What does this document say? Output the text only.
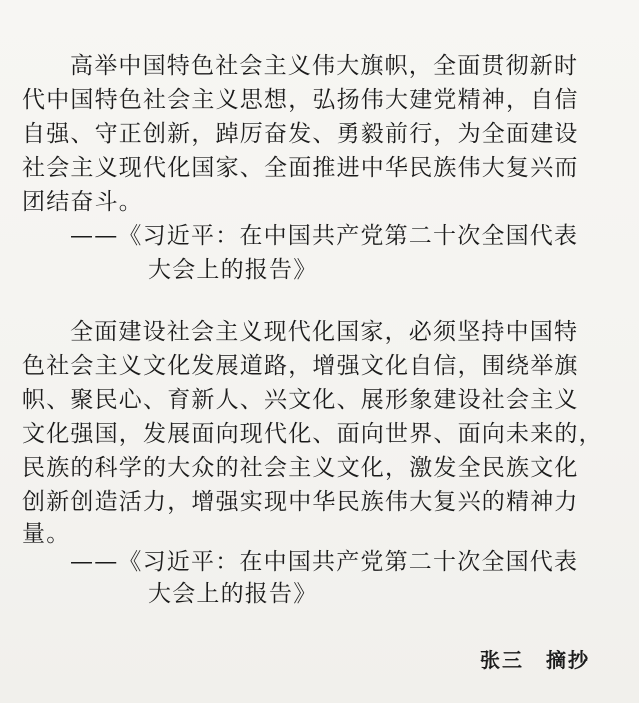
高举中国特色社会主义伟大旗帜，全面贯彻新时
代中国特色社会主义思想，弘扬伟大建党精神，自信
自强、守正创新，踔厉奋发、勇毅前行，为全面建设
社会主义现代化国家、全面推进中华民族伟大复兴而
团结奋斗。
——《习近平：在中国共产党第二十次全国代表
大会上的报告》
全面建设社会主义现代化国家，必须坚持中国特
色社会主义文化发展道路，增强文化自信，围绕举旗
帜、聚民心、育新人、兴文化、展形象建设社会主义
文化强国，发展面向现代化、面向世界、面向未来的，
民族的科学的大众的社会主义文化，激发全民族文化
创新创造活力，增强实现中华民族伟大复兴的精神力
量。
——《习近平：在中国共产党第二十次全国代表
大会上的报告》
张三 摘抄
